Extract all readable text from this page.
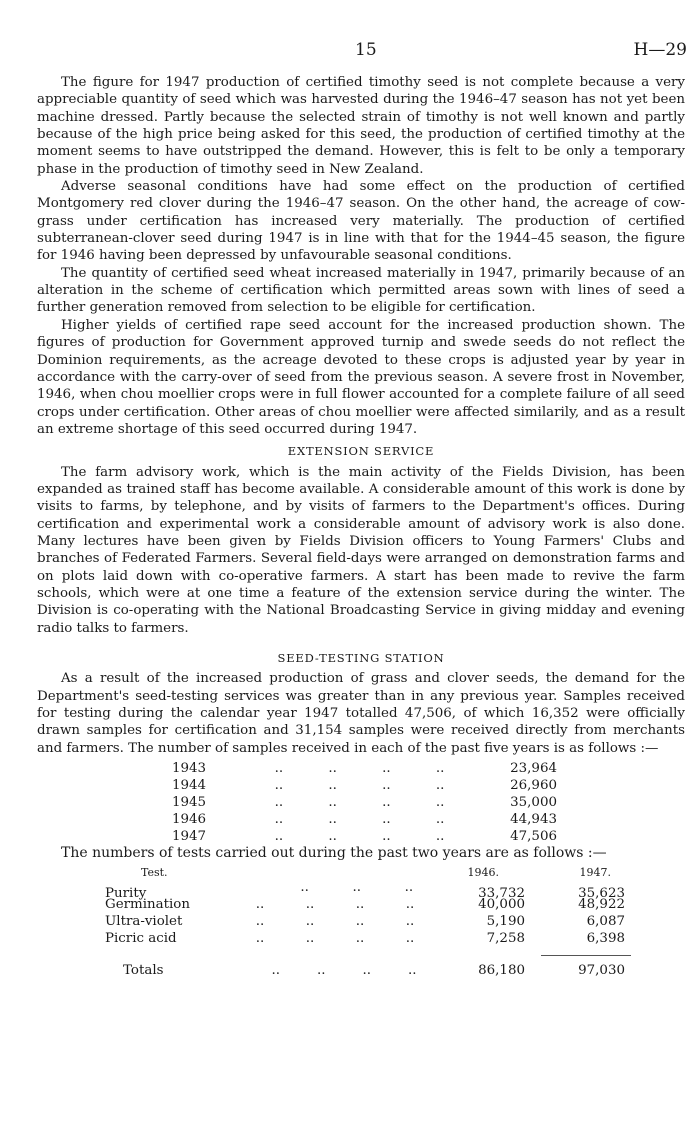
15	H—29

The figure for 1947 production of certified timothy seed is not complete because a very appreciable quantity of seed which was harvested during the 1946–47 season has not yet been machine dressed. Partly because the selected strain of timothy is not well known and partly because of the high price being asked for this seed, the production of certified timothy at the moment seems to have outstripped the demand. However, this is felt to be only a temporary phase in the production of timothy seed in New Zealand.

Adverse seasonal conditions have had some effect on the production of certified Montgomery red clover during the 1946–47 season. On the other hand, the acreage of cow-grass under certification has increased very materially. The production of certified subterranean-clover seed during 1947 is in line with that for the 1944–45 season, the figure for 1946 having been depressed by unfavourable seasonal conditions.

The quantity of certified seed wheat increased materially in 1947, primarily because of an alteration in the scheme of certification which permitted areas sown with lines of seed a further generation removed from selection to be eligible for certification.

Higher yields of certified rape seed account for the increased production shown. The figures of production for Government approved turnip and swede seeds do not reflect the Dominion requirements, as the acreage devoted to these crops is adjusted year by year in accordance with the carry-over of seed from the previous season. A severe frost in November, 1946, when chou moellier crops were in full flower accounted for a complete failure of all seed crops under certification. Other areas of chou moellier were affected similarily, and as a result an extreme shortage of this seed occurred during 1947.

EXTENSION SERVICE

The farm advisory work, which is the main activity of the Fields Division, has been expanded as trained staff has become available. A considerable amount of this work is done by visits to farms, by telephone, and by visits of farmers to the Department's offices. During certification and experimental work a considerable amount of advisory work is also done. Many lectures have been given by Fields Division officers to Young Farmers' Clubs and branches of Federated Farmers. Several field-days were arranged on demonstration farms and on plots laid down with co-operative farmers. A start has been made to revive the farm schools, which were at one time a feature of the extension service during the winter. The Division is co-operating with the National Broadcasting Service in giving midday and evening radio talks to farmers.

SEED-TESTING STATION

As a result of the increased production of grass and clover seeds, the demand for the Department's seed-testing services was greater than in any previous year. Samples received for testing during the calendar year 1947 totalled 47,506, of which 16,352 were officially drawn samples for certification and 31,154 samples were received directly from merchants and farmers. The number of samples received in each of the past five years is as follows :—

1943	..	..	..	..	23,964
1944	..	..	..	..	26,960
1945	..	..	..	..	35,000
1946	..	..	..	..	44,943
1947	..	..	..	..	47,506

The numbers of tests carried out during the past two years are as follows :—

Test.	1946.	1947.
Purity	..	..	..	33,732	35,623
Germination	..	..	..	..	40,000	48,922
Ultra-violet	..	..	..	..	5,190	6,087
Picric acid	..	..	..	..	7,258	6,398
Totals	..	..	..	..	86,180	97,030
